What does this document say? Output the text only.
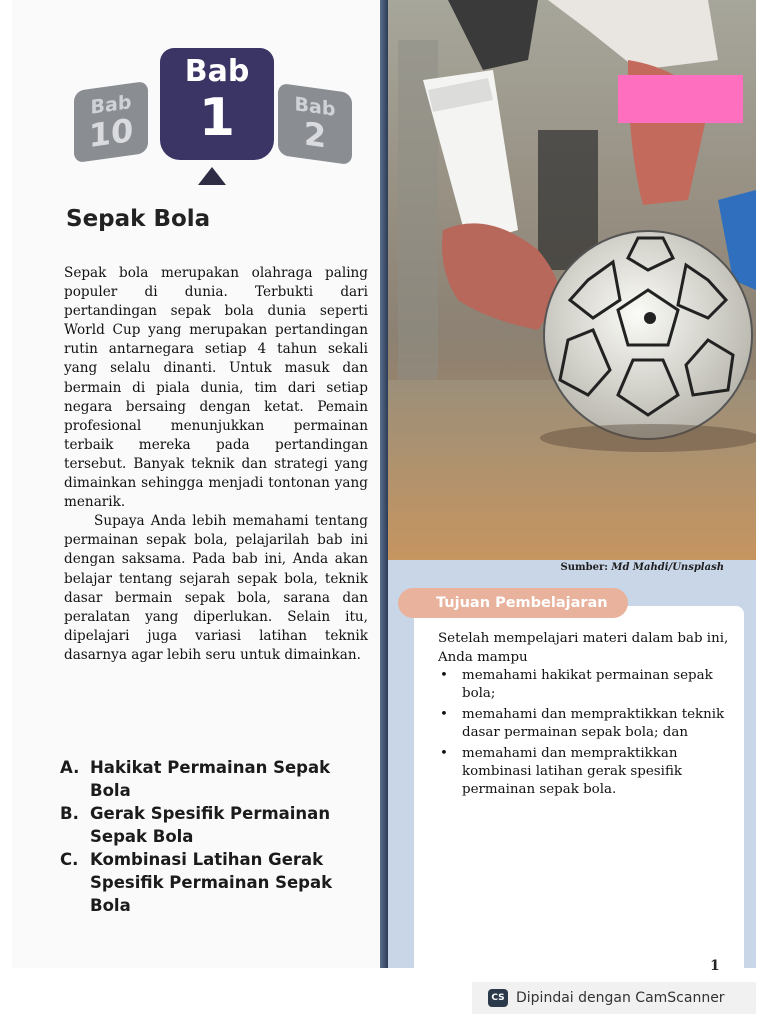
Bab
10
Bab
2
Bab
1
Sepak Bola

Sepak bola merupakan olahraga paling populer di dunia. Terbukti dari pertandingan sepak bola dunia seperti World Cup yang merupakan pertandingan rutin antarnegara setiap 4 tahun sekali yang selalu dinanti. Untuk masuk dan bermain di piala dunia, tim dari setiap negara bersaing dengan ketat. Pemain profesional menunjukkan permainan terbaik mereka pada pertandingan tersebut. Banyak teknik dan strategi yang dimainkan sehingga menjadi tontonan yang menarik.

Supaya Anda lebih memahami tentang permainan sepak bola, pelajarilah bab ini dengan saksama. Pada bab ini, Anda akan belajar tentang sejarah sepak bola, teknik dasar bermain sepak bola, sarana dan peralatan yang diperlukan. Selain itu, dipelajari juga variasi latihan teknik dasarnya agar lebih seru untuk dimainkan.

A. Hakikat Permainan Sepak Bola
B. Gerak Spesifik Permainan Sepak Bola
C. Kombinasi Latihan Gerak Spesifik Permainan Sepak Bola
Sumber: Md Mahdi/Unsplash
Tujuan Pembelajaran

Setelah mempelajari materi dalam bab ini, Anda mampu

• memahami hakikat permainan sepak bola;
• memahami dan mempraktikkan teknik dasar permainan sepak bola; dan
• memahami dan mempraktikkan kombinasi latihan gerak spesifik permainan sepak bola.
1
CS Dipindai dengan CamScanner
